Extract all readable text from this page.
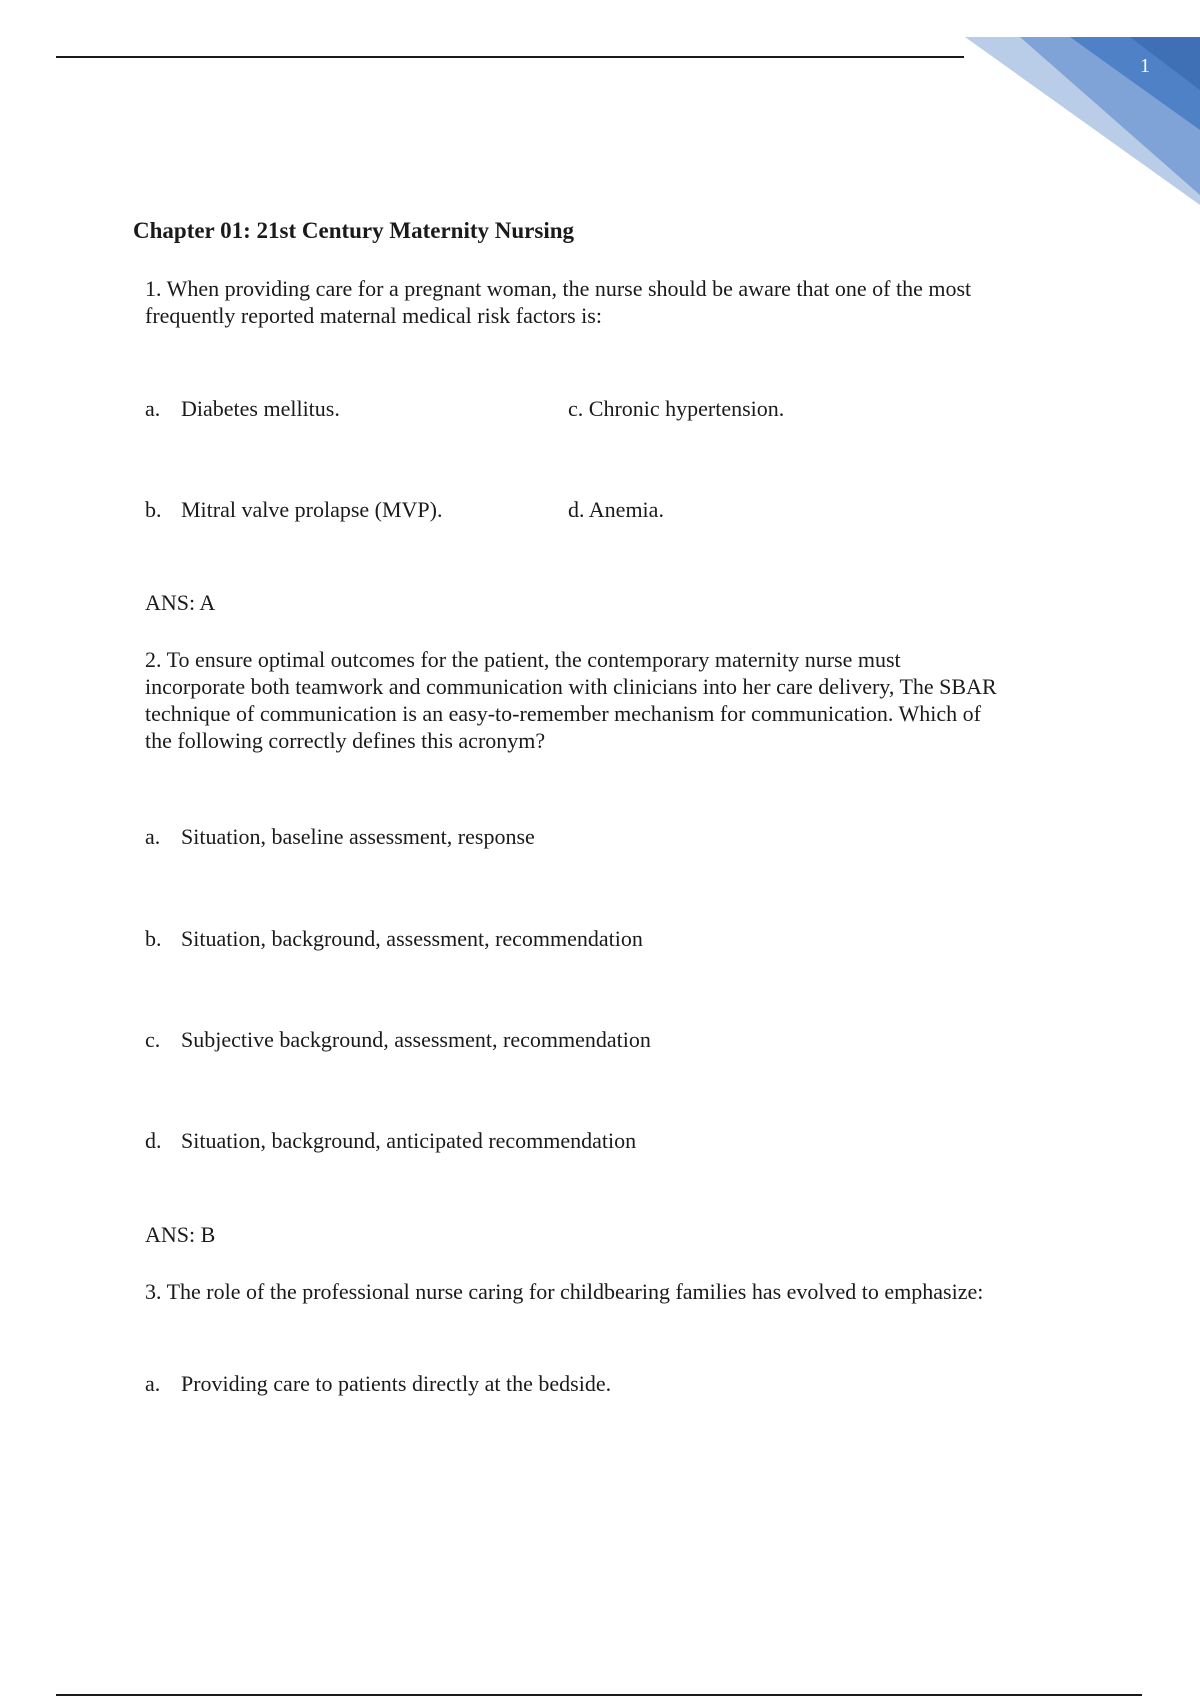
1
Chapter 01: 21st Century Maternity Nursing
1. When providing care for a pregnant woman, the nurse should be aware that one of the most
frequently reported maternal medical risk factors is:
a. Diabetes mellitus.	c. Chronic hypertension.
b. Mitral valve prolapse (MVP).	d. Anemia.
ANS: A
2. To ensure optimal outcomes for the patient, the contemporary maternity nurse must
incorporate both teamwork and communication with clinicians into her care delivery, The SBAR
technique of communication is an easy-to-remember mechanism for communication. Which of
the following correctly defines this acronym?
a. Situation, baseline assessment, response
b. Situation, background, assessment, recommendation
c. Subjective background, assessment, recommendation
d. Situation, background, anticipated recommendation
ANS: B
3. The role of the professional nurse caring for childbearing families has evolved to emphasize:
a. Providing care to patients directly at the bedside.
